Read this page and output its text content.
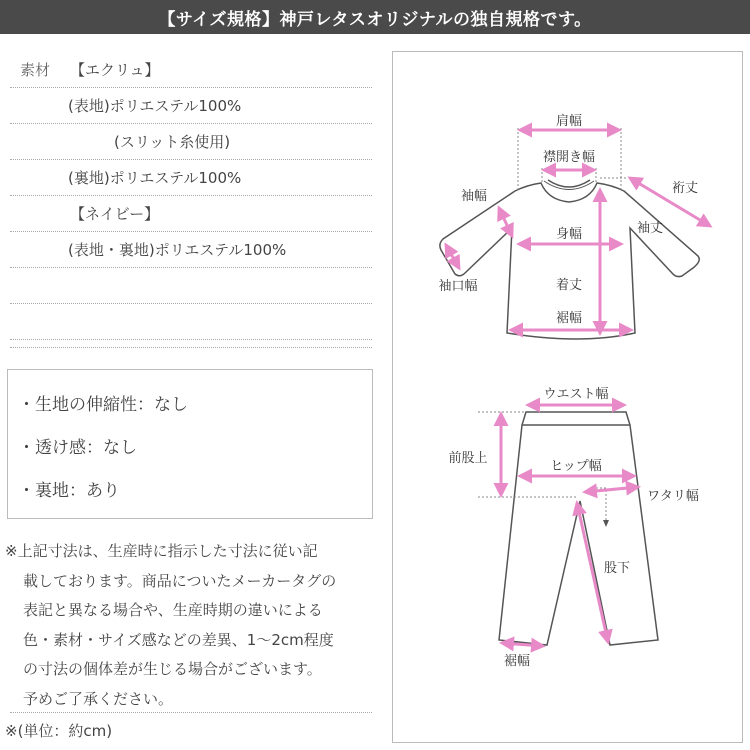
【サイズ規格】神戸レタスオリジナルの独自規格です。
素材 【エクリュ】
(表地)ポリエステル100%
(スリット糸使用)
(裏地)ポリエステル100%
【ネイビー】
(表地・裏地)ポリエステル100%
・生地の伸縮性：なし
・透け感：なし
・裏地：あり
※上記寸法は、生産時に指示した寸法に従い記
載しております。商品についたメーカータグの
表記と異なる場合や、生産時期の違いによる
色・素材・サイズ感などの差異、1〜2cm程度
の寸法の個体差が生じる場合がございます。
予めご了承ください。
※(単位：約cm)
肩幅
襟開き幅
袖幅
裄丈
袖丈
身幅
袖口幅	着丈
裾幅
ウエスト幅
前股上
ヒップ幅
ワタリ幅
股下
裾幅
